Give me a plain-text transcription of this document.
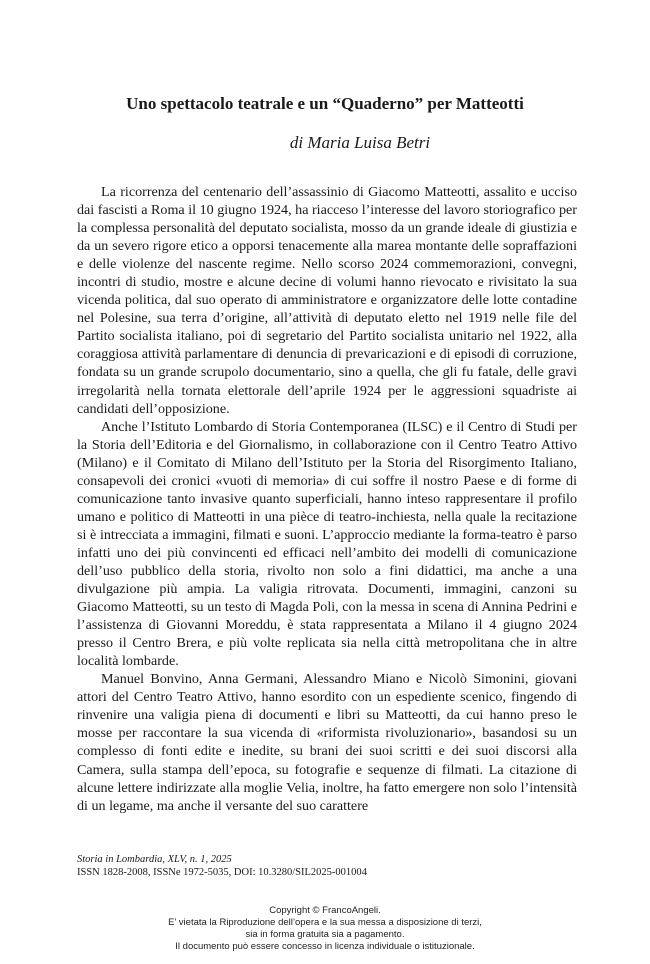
Uno spettacolo teatrale e un “Quaderno” per Matteotti
di Maria Luisa Betri

La ricorrenza del centenario dell’assassinio di Giacomo Matteotti, assalito e ucciso dai fascisti a Roma il 10 giugno 1924, ha riacceso l’interesse del lavoro storiografico per la complessa personalità del deputato socialista, mosso da un grande ideale di giustizia e da un severo rigore etico a opporsi tenacemente alla marea montante delle sopraffazioni e delle violenze del nascente regime. Nello scorso 2024 commemorazioni, convegni, incontri di studio, mostre e alcune decine di volumi hanno rievocato e rivisitato la sua vicenda politica, dal suo operato di amministratore e organizzatore delle lotte contadine nel Polesine, sua terra d’origine, all’attività di deputato eletto nel 1919 nelle file del Partito socialista italiano, poi di segretario del Partito socialista unitario nel 1922, alla coraggiosa attività parlamentare di denuncia di prevaricazioni e di episodi di corruzione, fondata su un grande scrupolo documentario, sino a quella, che gli fu fatale, delle gravi irregolarità nella tornata elettorale dell’aprile 1924 per le aggressioni squadriste ai candidati dell’opposizione.

Anche l’Istituto Lombardo di Storia Contemporanea (ILSC) e il Centro di Studi per la Storia dell’Editoria e del Giornalismo, in collaborazione con il Centro Teatro Attivo (Milano) e il Comitato di Milano dell’Istituto per la Storia del Risorgimento Italiano, consapevoli dei cronici «vuoti di memoria» di cui soffre il nostro Paese e di forme di comunicazione tanto invasive quanto superficiali, hanno inteso rappresentare il profilo umano e politico di Matteotti in una pièce di teatro-inchiesta, nella quale la recitazione si è intrecciata a immagini, filmati e suoni. L’approccio mediante la forma-teatro è parso infatti uno dei più convincenti ed efficaci nell’ambito dei modelli di comunicazione dell’uso pubblico della storia, rivolto non solo a fini didattici, ma anche a una divulgazione più ampia. La valigia ritrovata. Documenti, immagini, canzoni su Giacomo Matteotti, su un testo di Magda Poli, con la messa in scena di Annina Pedrini e l’assistenza di Giovanni Moreddu, è stata rappresentata a Milano il 4 giugno 2024 presso il Centro Brera, e più volte replicata sia nella città metropolitana che in altre località lombarde.

Manuel Bonvino, Anna Germani, Alessandro Miano e Nicolò Simonini, giovani attori del Centro Teatro Attivo, hanno esordito con un espediente scenico, fingendo di rinvenire una valigia piena di documenti e libri su Matteotti, da cui hanno preso le mosse per raccontare la sua vicenda di «riformista rivoluzionario», basandosi su un complesso di fonti edite e inedite, su brani dei suoi scritti e dei suoi discorsi alla Camera, sulla stampa dell’epoca, su fotografie e sequenze di filmati. La citazione di alcune lettere indirizzate alla moglie Velia, inoltre, ha fatto emergere non solo l’intensità di un legame, ma anche il versante del suo carattere

Storia in Lombardia, XLV, n. 1, 2025
ISSN 1828-2008, ISSNe 1972-5035, DOI: 10.3280/SIL2025-001004
Copyright © FrancoAngeli.
E’ vietata la Riproduzione dell’opera e la sua messa a disposizione di terzi,
sia in forma gratuita sia a pagamento.
Il documento può essere concesso in licenza individuale o istituzionale.
